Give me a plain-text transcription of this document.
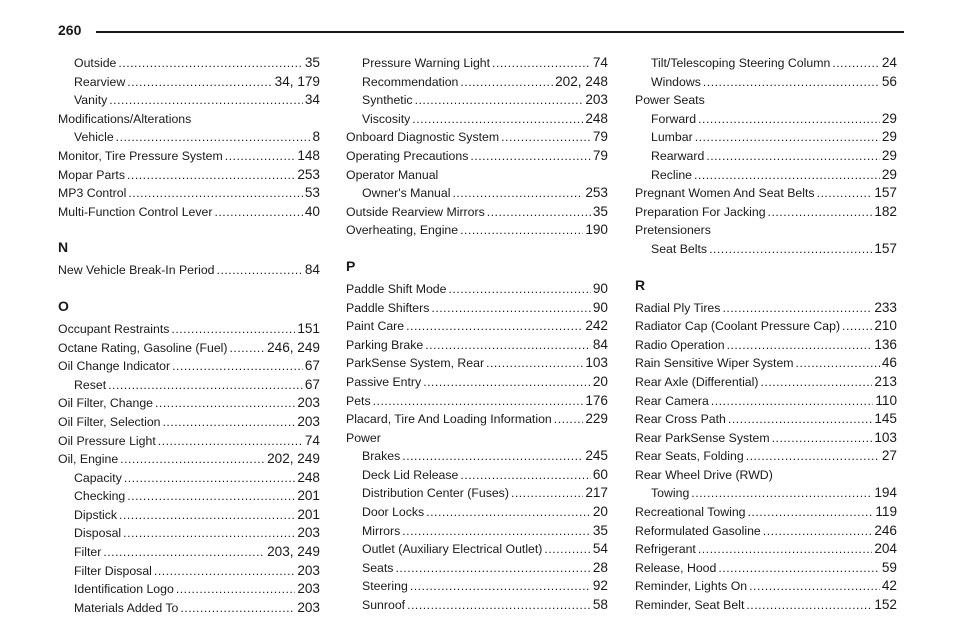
260
Outside .....	35
Rearview .....	34, 179
Vanity .....	34
Modifications/Alterations
Vehicle .....	8
Monitor, Tire Pressure System .....	148
Mopar Parts .....	253
MP3 Control .....	53
Multi-Function Control Lever .....	40
N
New Vehicle Break-In Period .....	84
O
Occupant Restraints .....	151
Octane Rating, Gasoline (Fuel) .....	246, 249
Oil Change Indicator .....	67
Reset .....	67
Oil Filter, Change .....	203
Oil Filter, Selection .....	203
Oil Pressure Light .....	74
Oil, Engine .....	202, 249
Capacity .....	248
Checking .....	201
Dipstick .....	201
Disposal .....	203
Filter .....	203, 249
Filter Disposal .....	203
Identification Logo .....	203
Materials Added To .....	203
Pressure Warning Light .....	74
Recommendation .....	202, 248
Synthetic .....	203
Viscosity .....	248
Onboard Diagnostic System .....	79
Operating Precautions .....	79
Operator Manual
Owner's Manual .....	253
Outside Rearview Mirrors .....	35
Overheating, Engine .....	190
P
Paddle Shift Mode .....	90
Paddle Shifters .....	90
Paint Care .....	242
Parking Brake .....	84
ParkSense System, Rear .....	103
Passive Entry .....	20
Pets .....	176
Placard, Tire And Loading Information ..... 229
Power
Brakes .....	245
Deck Lid Release .....	60
Distribution Center (Fuses) .....	217
Door Locks .....	20
Mirrors .....	35
Outlet (Auxiliary Electrical Outlet) .....	54
Seats .....	28
Steering .....	92
Sunroof .....	58
Tilt/Telescoping Steering Column .....	24
Windows .....	56
Power Seats
Forward .....	29
Lumbar .....	29
Rearward .....	29
Recline .....	29
Pregnant Women And Seat Belts .....	157
Preparation For Jacking .....	182
Pretensioners
Seat Belts .....	157
R
Radial Ply Tires .....	233
Radiator Cap (Coolant Pressure Cap) .....	210
Radio Operation .....	136
Rain Sensitive Wiper System .....	46
Rear Axle (Differential) .....	213
Rear Camera .....	110
Rear Cross Path .....	145
Rear ParkSense System .....	103
Rear Seats, Folding .....	27
Rear Wheel Drive (RWD)
Towing .....	194
Recreational Towing .....	119
Reformulated Gasoline .....	246
Refrigerant .....	204
Release, Hood .....	59
Reminder, Lights On .....	42
Reminder, Seat Belt .....	152
